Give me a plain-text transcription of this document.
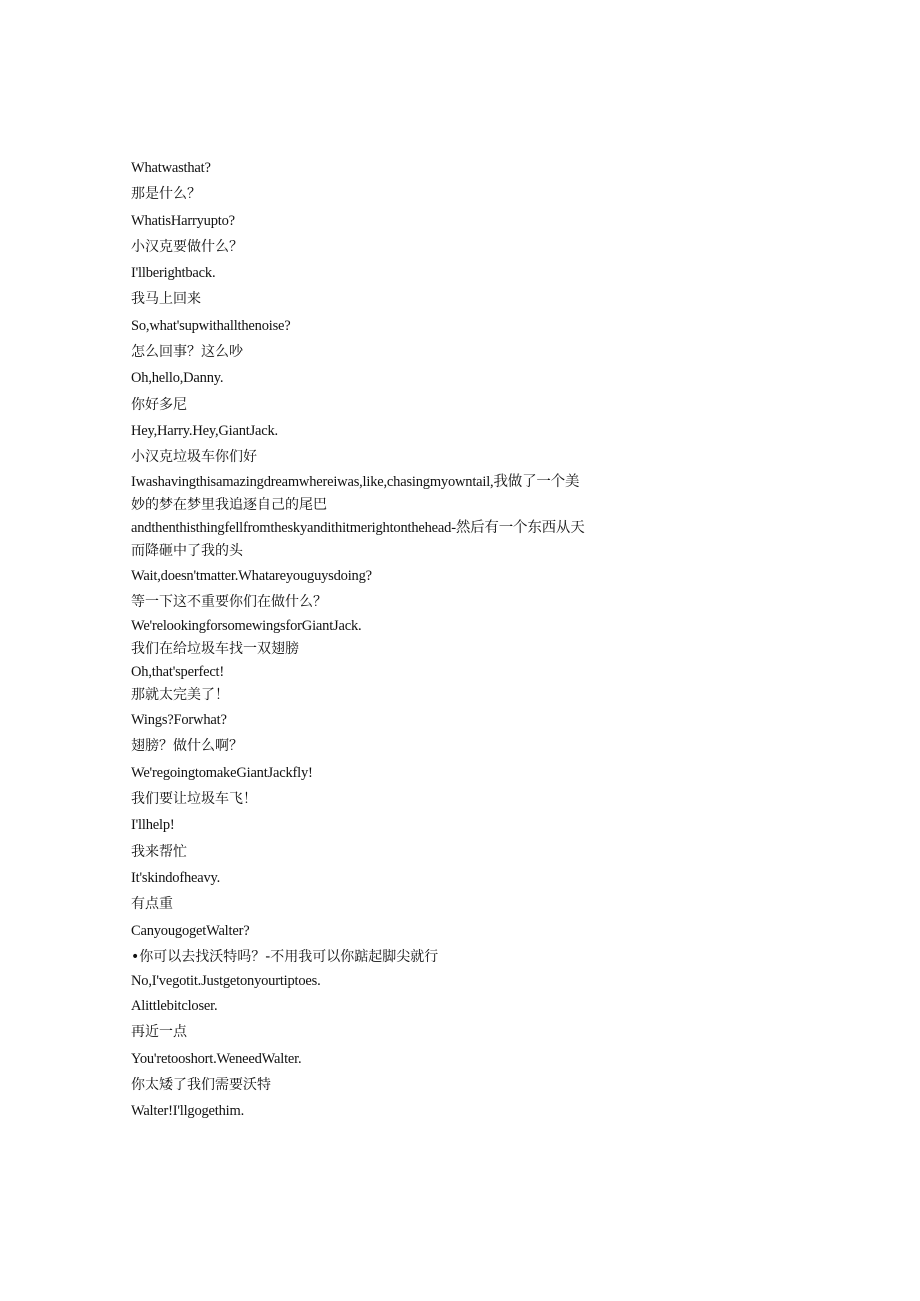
Whatwasthat?

那是什么？

WhatisHarryupto?

小汉克要做什么？

I'llberightback.

我马上回来

So,what'supwithallthenoise?

怎么回事？这么吵

Oh,hello,Danny.

你好多尼

Hey,Harry.Hey,GiantJack.

小汉克垃圾车你们好

Iwashavingthisamazingdreamwhereiwas,like,chasingmyowntail,我做了一个美

妙的梦在梦里我追逐自己的尾巴

andthenthisthingfellfromtheskyandithitmerightonthehead-然后有一个东西从天

而降砸中了我的头

Wait,doesn'tmatter.Whatareyouguysdoing?

等一下这不重要你们在做什么？

We'relookingforsomewingsforGiantJack.

我们在给垃圾车找一双翅膀

Oh,that'sperfect!

那就太完美了！

Wings?Forwhat?

翅膀？做什么啊？

We'regoingtomakeGiantJackfly!

我们要让垃圾车飞！

I'llhelp!

我来帮忙

It'skindofheavy.

有点重

CanyougogetWalter?

•你可以去找沃特吗？-不用我可以你踮起脚尖就行

No,I'vegotit.Justgetonyourtiptoes.

Alittlebitcloser.

再近一点

You'retooshort.WeneedWalter.

你太矮了我们需要沃特

Walter!I'llgogethim.
